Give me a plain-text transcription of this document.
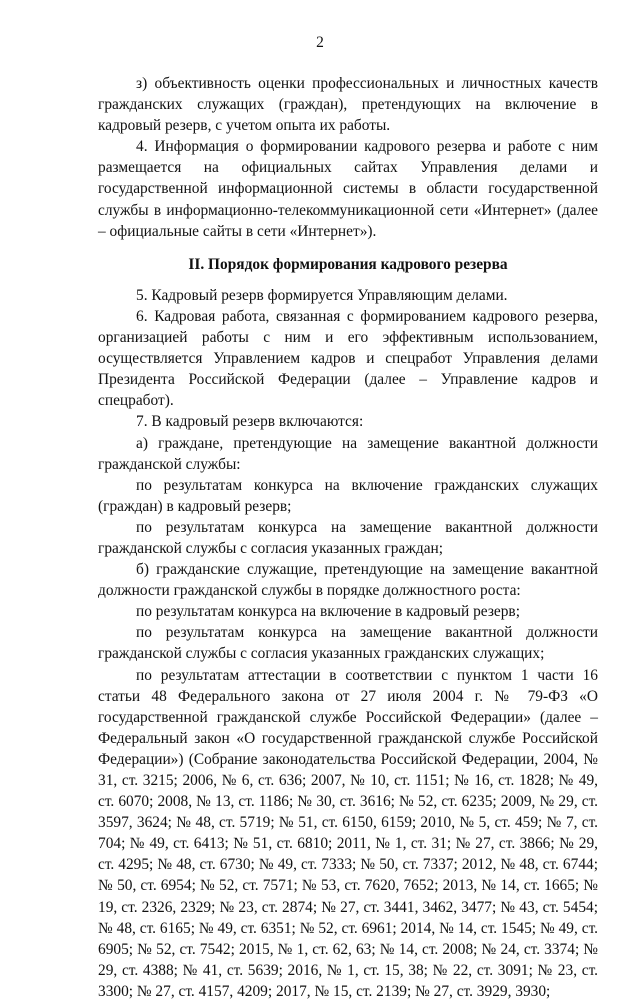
2

з) объективность оценки профессиональных и личностных качеств гражданских служащих (граждан), претендующих на включение в кадровый резерв, с учетом опыта их работы.

4. Информация о формировании кадрового резерва и работе с ним размещается на официальных сайтах Управления делами и государственной информационной системы в области государственной службы в информационно-телекоммуникационной сети «Интернет» (далее – официальные сайты в сети «Интернет»).

II. Порядок формирования кадрового резерва

5. Кадровый резерв формируется Управляющим делами.

6. Кадровая работа, связанная с формированием кадрового резерва, организацией работы с ним и его эффективным использованием, осуществляется Управлением кадров и спецработ Управления делами Президента Российской Федерации (далее – Управление кадров и спецработ).

7. В кадровый резерв включаются:

а) граждане, претендующие на замещение вакантной должности гражданской службы:

по результатам конкурса на включение гражданских служащих (граждан) в кадровый резерв;

по результатам конкурса на замещение вакантной должности гражданской службы с согласия указанных граждан;

б) гражданские служащие, претендующие на замещение вакантной должности гражданской службы в порядке должностного роста:

по результатам конкурса на включение в кадровый резерв;

по результатам конкурса на замещение вакантной должности гражданской службы с согласия указанных гражданских служащих;

по результатам аттестации в соответствии с пунктом 1 части 16 статьи 48 Федерального закона от 27 июля 2004 г. № 79-ФЗ «О государственной гражданской службе Российской Федерации» (далее – Федеральный закон «О государственной гражданской службе Российской Федерации») (Собрание законодательства Российской Федерации, 2004, № 31, ст. 3215; 2006, № 6, ст. 636; 2007, № 10, ст. 1151; № 16, ст. 1828; № 49, ст. 6070; 2008, № 13, ст. 1186; № 30, ст. 3616; № 52, ст. 6235; 2009, № 29, ст. 3597, 3624; № 48, ст. 5719; № 51, ст. 6150, 6159; 2010, № 5, ст. 459; № 7, ст. 704; № 49, ст. 6413; № 51, ст. 6810; 2011, № 1, ст. 31; № 27, ст. 3866; № 29, ст. 4295; № 48, ст. 6730; № 49, ст. 7333; № 50, ст. 7337; 2012, № 48, ст. 6744; № 50, ст. 6954; № 52, ст. 7571; № 53, ст. 7620, 7652; 2013, № 14, ст. 1665; № 19, ст. 2326, 2329; № 23, ст. 2874; № 27, ст. 3441, 3462, 3477; № 43, ст. 5454; № 48, ст. 6165; № 49, ст. 6351; № 52, ст. 6961; 2014, № 14, ст. 1545; № 49, ст. 6905; № 52, ст. 7542; 2015, № 1, ст. 62, 63; № 14, ст. 2008; № 24, ст. 3374; № 29, ст. 4388; № 41, ст. 5639; 2016, № 1, ст. 15, 38; № 22, ст. 3091; № 23, ст. 3300; № 27, ст. 4157, 4209; 2017, № 15, ст. 2139; № 27, ст. 3929, 3930;
